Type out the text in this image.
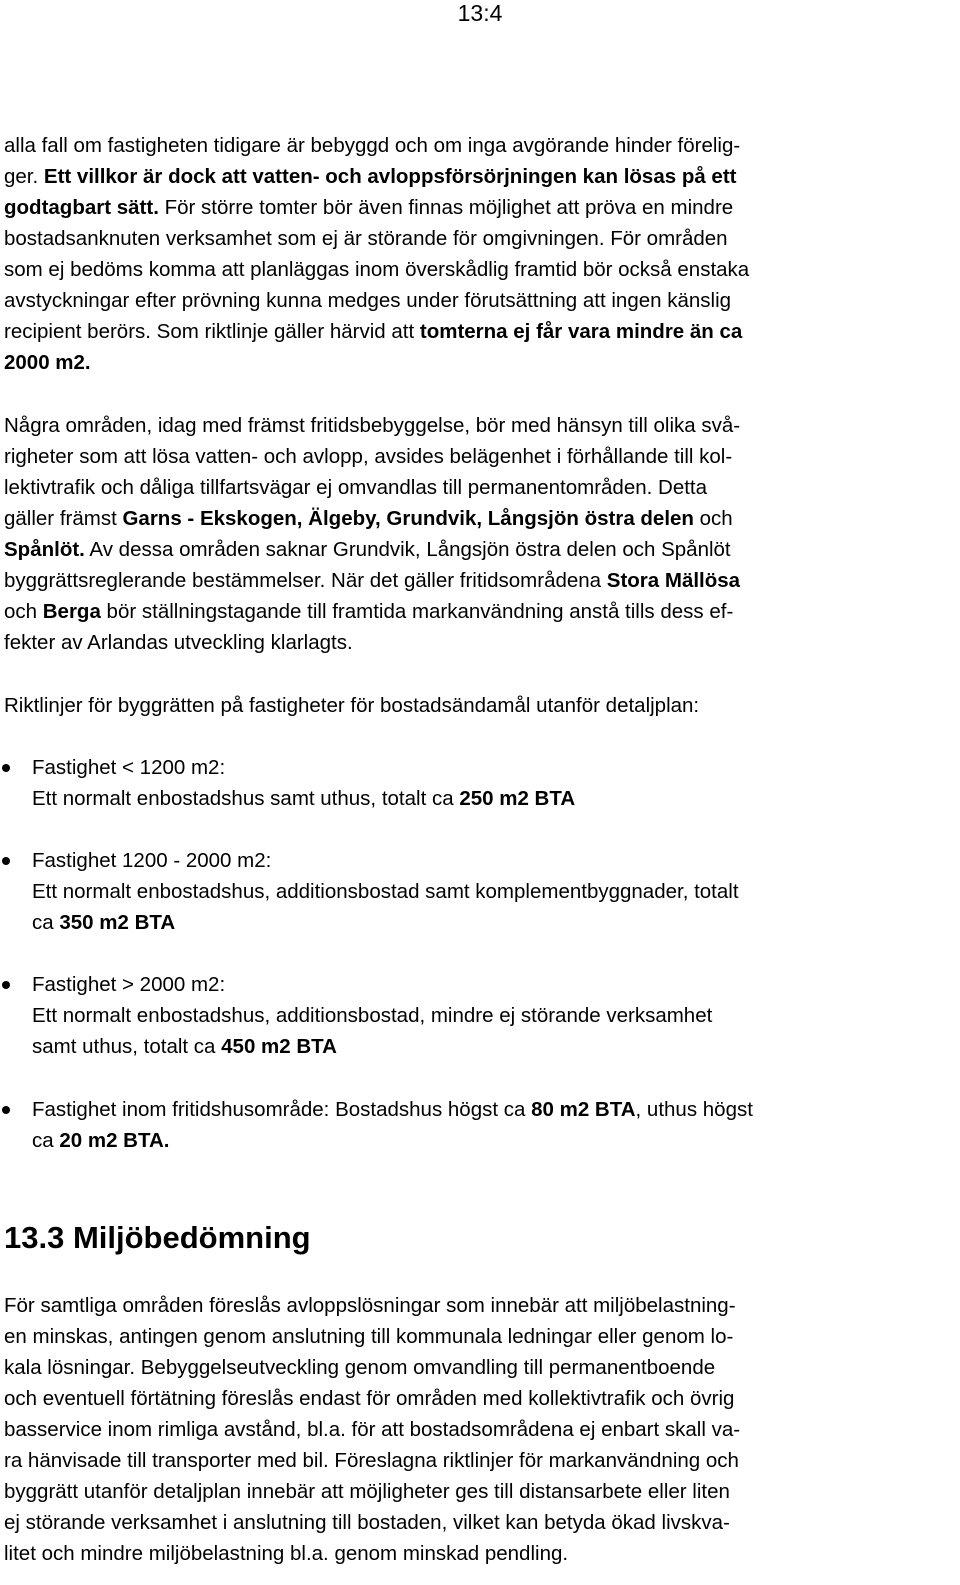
13:4
alla fall om fastigheten tidigare är bebyggd och om inga avgörande hinder förelig-
ger. Ett villkor är dock att vatten- och avloppsförsörjningen kan lösas på ett
godtagbart sätt. För större tomter bör även finnas möjlighet att pröva en mindre
bostadsanknuten verksamhet som ej är störande för omgivningen. För områden
som ej bedöms komma att planläggas inom överskådlig framtid bör också enstaka
avstyckningar efter prövning kunna medges under förutsättning att ingen känslig
recipient berörs. Som riktlinje gäller härvid att tomterna ej får vara mindre än ca
2000 m2.
Några områden, idag med främst fritidsbebyggelse, bör med hänsyn till olika svå-
righeter som att lösa vatten- och avlopp, avsides belägenhet i förhållande till kol-
lektivtrafik och dåliga tillfartsvägar ej omvandlas till permanentområden. Detta
gäller främst Garns - Ekskogen, Älgeby, Grundvik, Långsjön östra delen och
Spånlöt. Av dessa områden saknar Grundvik, Långsjön östra delen och Spånlöt
byggrättsreglerande bestämmelser. När det gäller fritidsområdena Stora Mällösa
och Berga bör ställningstagande till framtida markanvändning anstå tills dess ef-
fekter av Arlandas utveckling klarlagts.
Riktlinjer för byggrätten på fastigheter för bostadsändamål utanför detaljplan:
Fastighet < 1200 m2:
Ett normalt enbostadshus samt uthus, totalt ca 250 m2 BTA
Fastighet 1200 - 2000 m2:
Ett normalt enbostadshus, additionsbostad samt komplementbyggnader, totalt
ca 350 m2 BTA
Fastighet > 2000 m2:
Ett normalt enbostadshus, additionsbostad, mindre ej störande verksamhet
samt uthus, totalt ca 450 m2 BTA
Fastighet inom fritidshusområde: Bostadshus högst ca 80 m2 BTA, uthus högst
ca 20 m2 BTA.
13.3 Miljöbedömning
För samtliga områden föreslås avloppslösningar som innebär att miljöbelastning-
en minskas, antingen genom anslutning till kommunala ledningar eller genom lo-
kala lösningar. Bebyggelseutveckling genom omvandling till permanentboende
och eventuell förtätning föreslås endast för områden med kollektivtrafik och övrig
basservice inom rimliga avstånd, bl.a. för att bostadsområdena ej enbart skall va-
ra hänvisade till transporter med bil. Föreslagna riktlinjer för markanvändning och
byggrätt utanför detaljplan innebär att möjligheter ges till distansarbete eller liten
ej störande verksamhet i anslutning till bostaden, vilket kan betyda ökad livskva-
litet och mindre miljöbelastning bl.a. genom minskad pendling.
